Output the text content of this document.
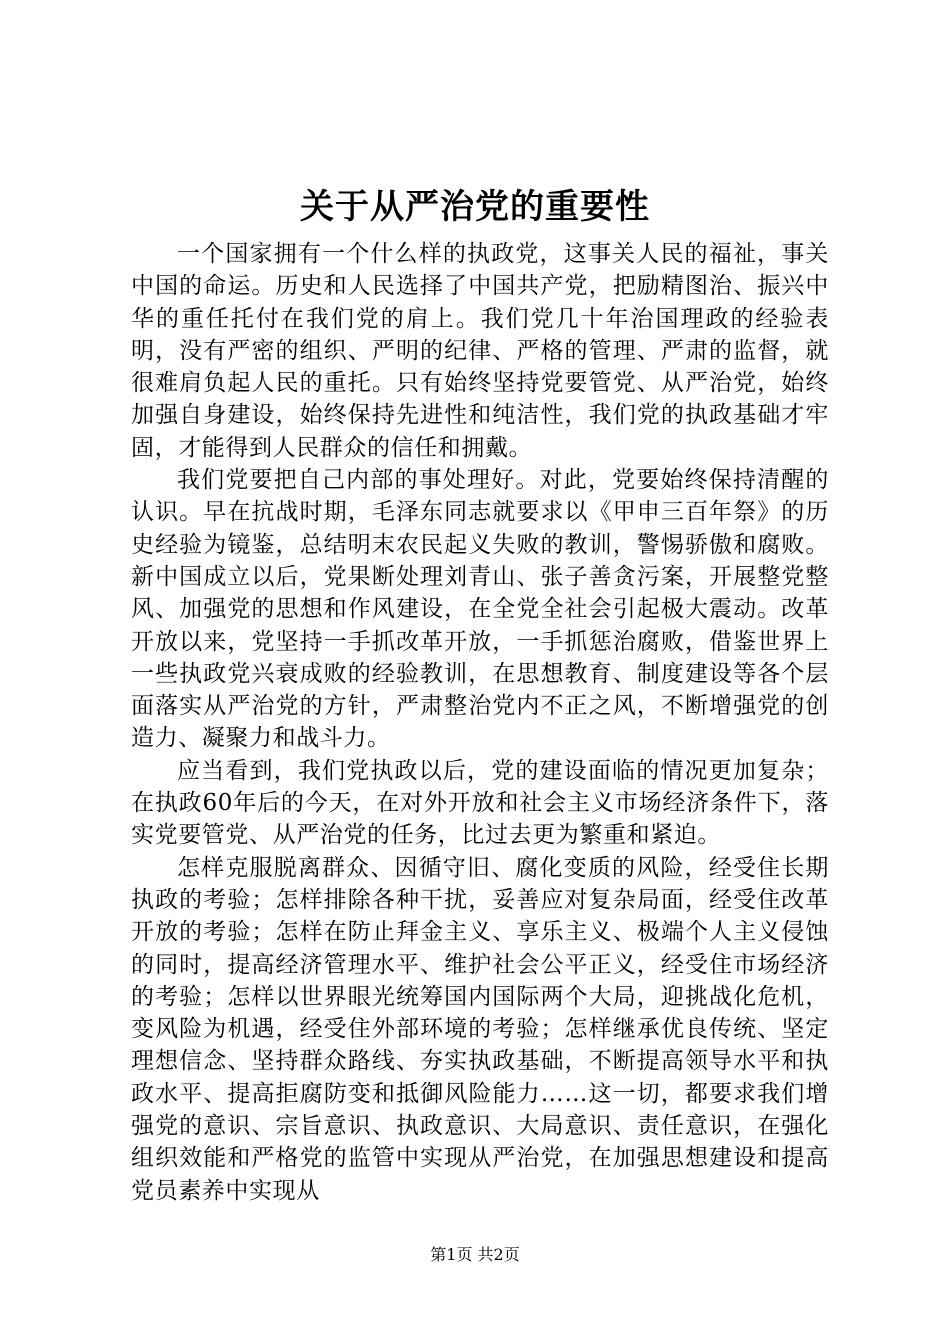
关于从严治党的重要性

一个国家拥有一个什么样的执政党，这事关人民的福祉，事关中国的命运。历史和人民选择了中国共产党，把励精图治、振兴中华的重任托付在我们党的肩上。我们党几十年治国理政的经验表明，没有严密的组织、严明的纪律、严格的管理、严肃的监督，就很难肩负起人民的重托。只有始终坚持党要管党、从严治党，始终加强自身建设，始终保持先进性和纯洁性，我们党的执政基础才牢固，才能得到人民群众的信任和拥戴。

我们党要把自己内部的事处理好。对此，党要始终保持清醒的认识。早在抗战时期，毛泽东同志就要求以《甲申三百年祭》的历史经验为镜鉴，总结明末农民起义失败的教训，警惕骄傲和腐败。新中国成立以后，党果断处理刘青山、张子善贪污案，开展整党整风、加强党的思想和作风建设，在全党全社会引起极大震动。改革开放以来，党坚持一手抓改革开放，一手抓惩治腐败，借鉴世界上一些执政党兴衰成败的经验教训，在思想教育、制度建设等各个层面落实从严治党的方针，严肃整治党内不正之风，不断增强党的创造力、凝聚力和战斗力。

应当看到，我们党执政以后，党的建设面临的情况更加复杂；在执政60年后的今天，在对外开放和社会主义市场经济条件下，落实党要管党、从严治党的任务，比过去更为繁重和紧迫。

怎样克服脱离群众、因循守旧、腐化变质的风险，经受住长期执政的考验；怎样排除各种干扰，妥善应对复杂局面，经受住改革开放的考验；怎样在防止拜金主义、享乐主义、极端个人主义侵蚀的同时，提高经济管理水平、维护社会公平正义，经受住市场经济的考验；怎样以世界眼光统筹国内国际两个大局，迎挑战化危机，变风险为机遇，经受住外部环境的考验；怎样继承优良传统、坚定理想信念、坚持群众路线、夯实执政基础，不断提高领导水平和执政水平、提高拒腐防变和抵御风险能力……这一切，都要求我们增强党的意识、宗旨意识、执政意识、大局意识、责任意识，在强化组织效能和严格党的监管中实现从严治党，在加强思想建设和提高党员素养中实现从

第1页 共2页
